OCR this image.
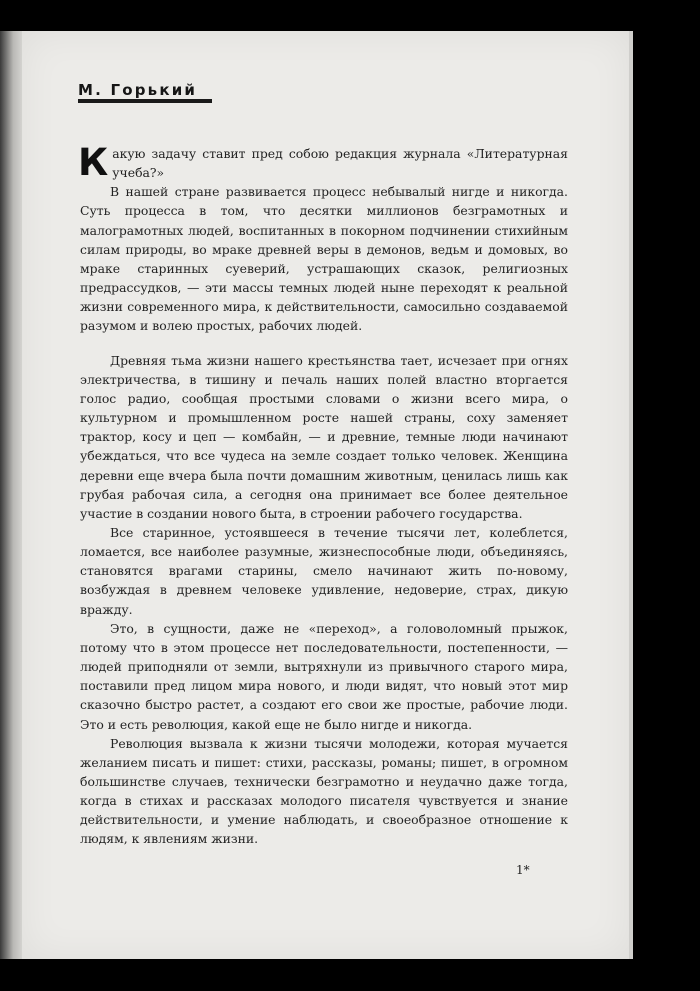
М. Горький

Какую задачу ставит пред собою редакция журнала «Литературная учеба?»

В нашей стране развивается процесс небывалый нигде и никогда. Суть процесса в том, что десятки миллионов безграмотных и малограмотных людей, воспитанных в покорном подчинении стихийным силам природы, во мраке древней веры в демонов, ведьм и домовых, во мраке старинных суеверий, устрашающих сказок, религиозных предрассудков, — эти массы темных людей ныне переходят к реальной жизни современного мира, к действительности, самосильно создаваемой разумом и волею простых, рабочих людей.

Древняя тьма жизни нашего крестьянства тает, исчезает при огнях электричества, в тишину и печаль наших полей властно вторгается голос радио, сообщая простыми словами о жизни всего мира, о культурном и промышленном росте нашей страны, соху заменяет трактор, косу и цеп — комбайн, — и древние, темные люди начинают убеждаться, что все чудеса на земле создает только человек. Женщина деревни еще вчера была почти домашним животным, ценилась лишь как грубая рабочая сила, а сегодня она принимает все более деятельное участие в создании нового быта, в строении рабочего государства.

Все старинное, устоявшееся в течение тысячи лет, колеблется, ломается, все наиболее разумные, жизнеспособные люди, объединяясь, становятся врагами старины, смело начинают жить по-новому, возбуждая в древнем человеке удивление, недоверие, страх, дикую вражду.

Это, в сущности, даже не «переход», а головоломный прыжок, потому что в этом процессе нет последовательности, постепенности, — людей приподняли от земли, вытряхнули из привычного старого мира, поставили пред лицом мира нового, и люди видят, что новый этот мир сказочно быстро растет, а создают его свои же простые, рабочие люди. Это и есть революция, какой еще не было нигде и никогда.

Революция вызвала к жизни тысячи молодежи, которая мучается желанием писать и пишет: стихи, рассказы, романы; пишет, в огромном большинстве случаев, технически безграмотно и неудачно даже тогда, когда в стихах и рассказах молодого писателя чувствуется и знание действительности, и умение наблюдать, и своеобразное отношение к людям, к явлениям жизни.

1*
